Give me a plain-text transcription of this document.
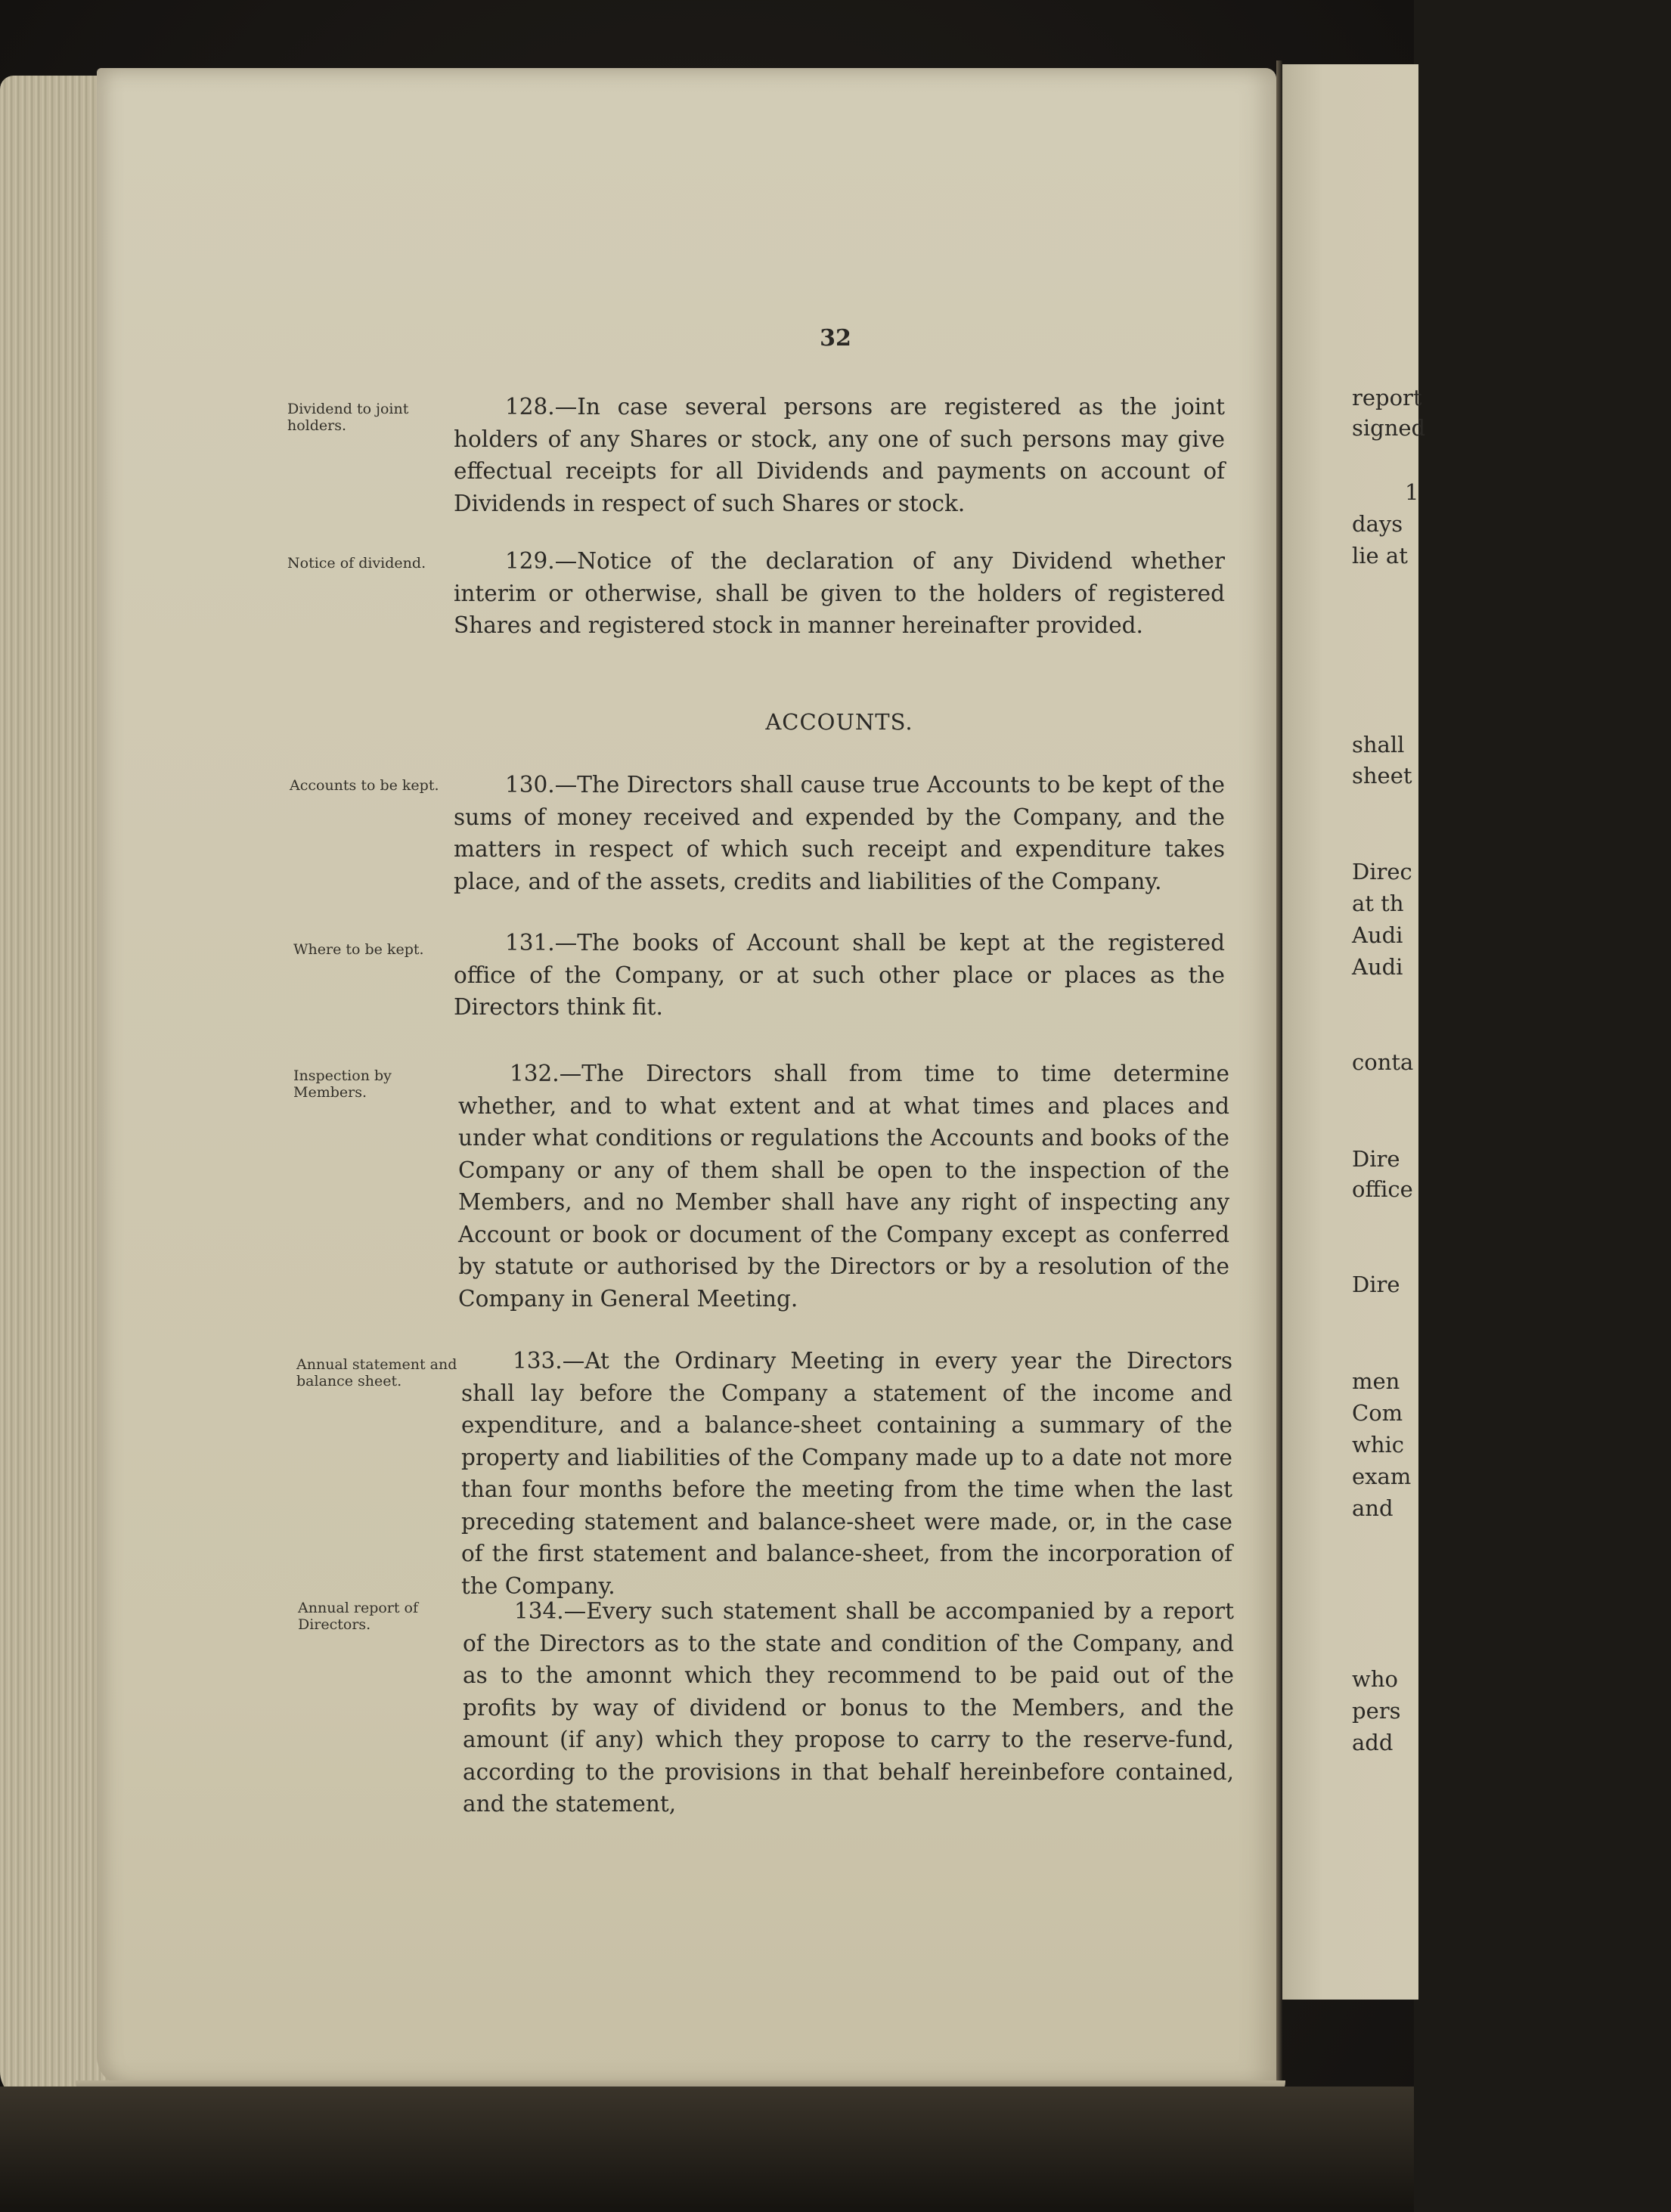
32
Dividend to joint holders.
128.—In case several persons are registered as the joint holders of any Shares or stock, any one of such persons may give effectual receipts for all Dividends and payments on account of Dividends in respect of such Shares or stock.
Notice of dividend.	129.—Notice of the declaration of any Dividend whether interim or otherwise, shall be given to the holders of registered Shares and registered stock in manner hereinafter provided.
ACCOUNTS.
Accounts to be kept.	130.—The Directors shall cause true Accounts to be kept of the sums of money received and expended by the Company, and the matters in respect of which such receipt and expenditure takes place, and of the assets, credits and liabilities of the Company.
Where to be kept.	131.—The books of Account shall be kept at the registered office of the Company, or at such other place or places as the Directors think fit.
Inspection by Members.
132.—The Directors shall from time to time determine whether, and to what extent and at what times and places and under what conditions or regulations the Accounts and books of the Company or any of them shall be open to the inspection of the Members, and no Member shall have any right of inspecting any Account or book or document of the Company except as conferred by statute or authorised by the Directors or by a resolution of the Company in General Meeting.
Annual statement and balance sheet.
133.—At the Ordinary Meeting in every year the Directors shall lay before the Company a statement of the income and expenditure, and a balance-sheet containing a summary of the property and liabilities of the Company made up to a date not more than four months before the meeting from the time when the last preceding statement and balance-sheet were made, or, in the case of the first statement and balance-sheet, from the incorporation of the Company.
Annual report of Directors.
134.—Every such statement shall be accompanied by a report of the Directors as to the state and condition of the Company, and as to the amonnt which they recommend to be paid out of the profits by way of dividend or bonus to the Members, and the amount (if any) which they propose to carry to the reserve-fund, according to the provisions in that behalf hereinbefore contained, and the statement,
report
signed
1
days
lie at
shall
sheet
Direc
at th
Audi
Audi
conta
Dire
office
Dire
men
Com
whic
exam
and
who
pers
add
